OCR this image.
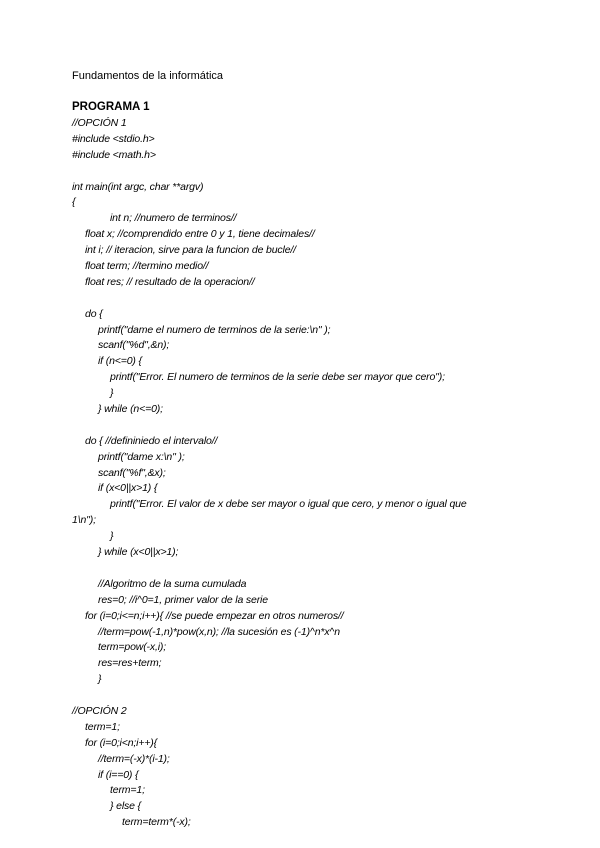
Fundamentos de la informática
PROGRAMA 1
//OPCIÓN 1
#include <stdio.h>
#include <math.h>
int main(int argc, char **argv)
{
int n; //numero de terminos//
float x; //comprendido entre 0 y 1, tiene decimales//
int i; // iteracion, sirve para la funcion de bucle//
float term; //termino medio//
float res; // resultado de la operacion//
do {
printf("dame el numero de terminos de la serie:\n" );
scanf("%d",&n);
if (n<=0) {
printf("Error. El numero de terminos de la serie debe ser mayor que cero");
}
} while (n<=0);
do { //defininiedo el intervalo//
printf("dame x:\n" );
scanf("%f",&x);
if (x<0||x>1) {
printf("Error. El valor de x debe ser mayor o igual que cero, y menor o igual que
1\n");
}
} while (x<0||x>1);
//Algoritmo de la suma cumulada
res=0; //i^0=1, primer valor de la serie
for (i=0;i<=n;i++){ //se puede empezar en otros numeros//
//term=pow(-1,n)*pow(x,n); //la sucesión es (-1)^n*x^n
term=pow(-x,i);
res=res+term;
}
//OPCIÓN 2
term=1;
for (i=0;i<n;i++){
//term=(-x)*(i-1);
if (i==0) {
term=1;
} else {
term=term*(-x);
